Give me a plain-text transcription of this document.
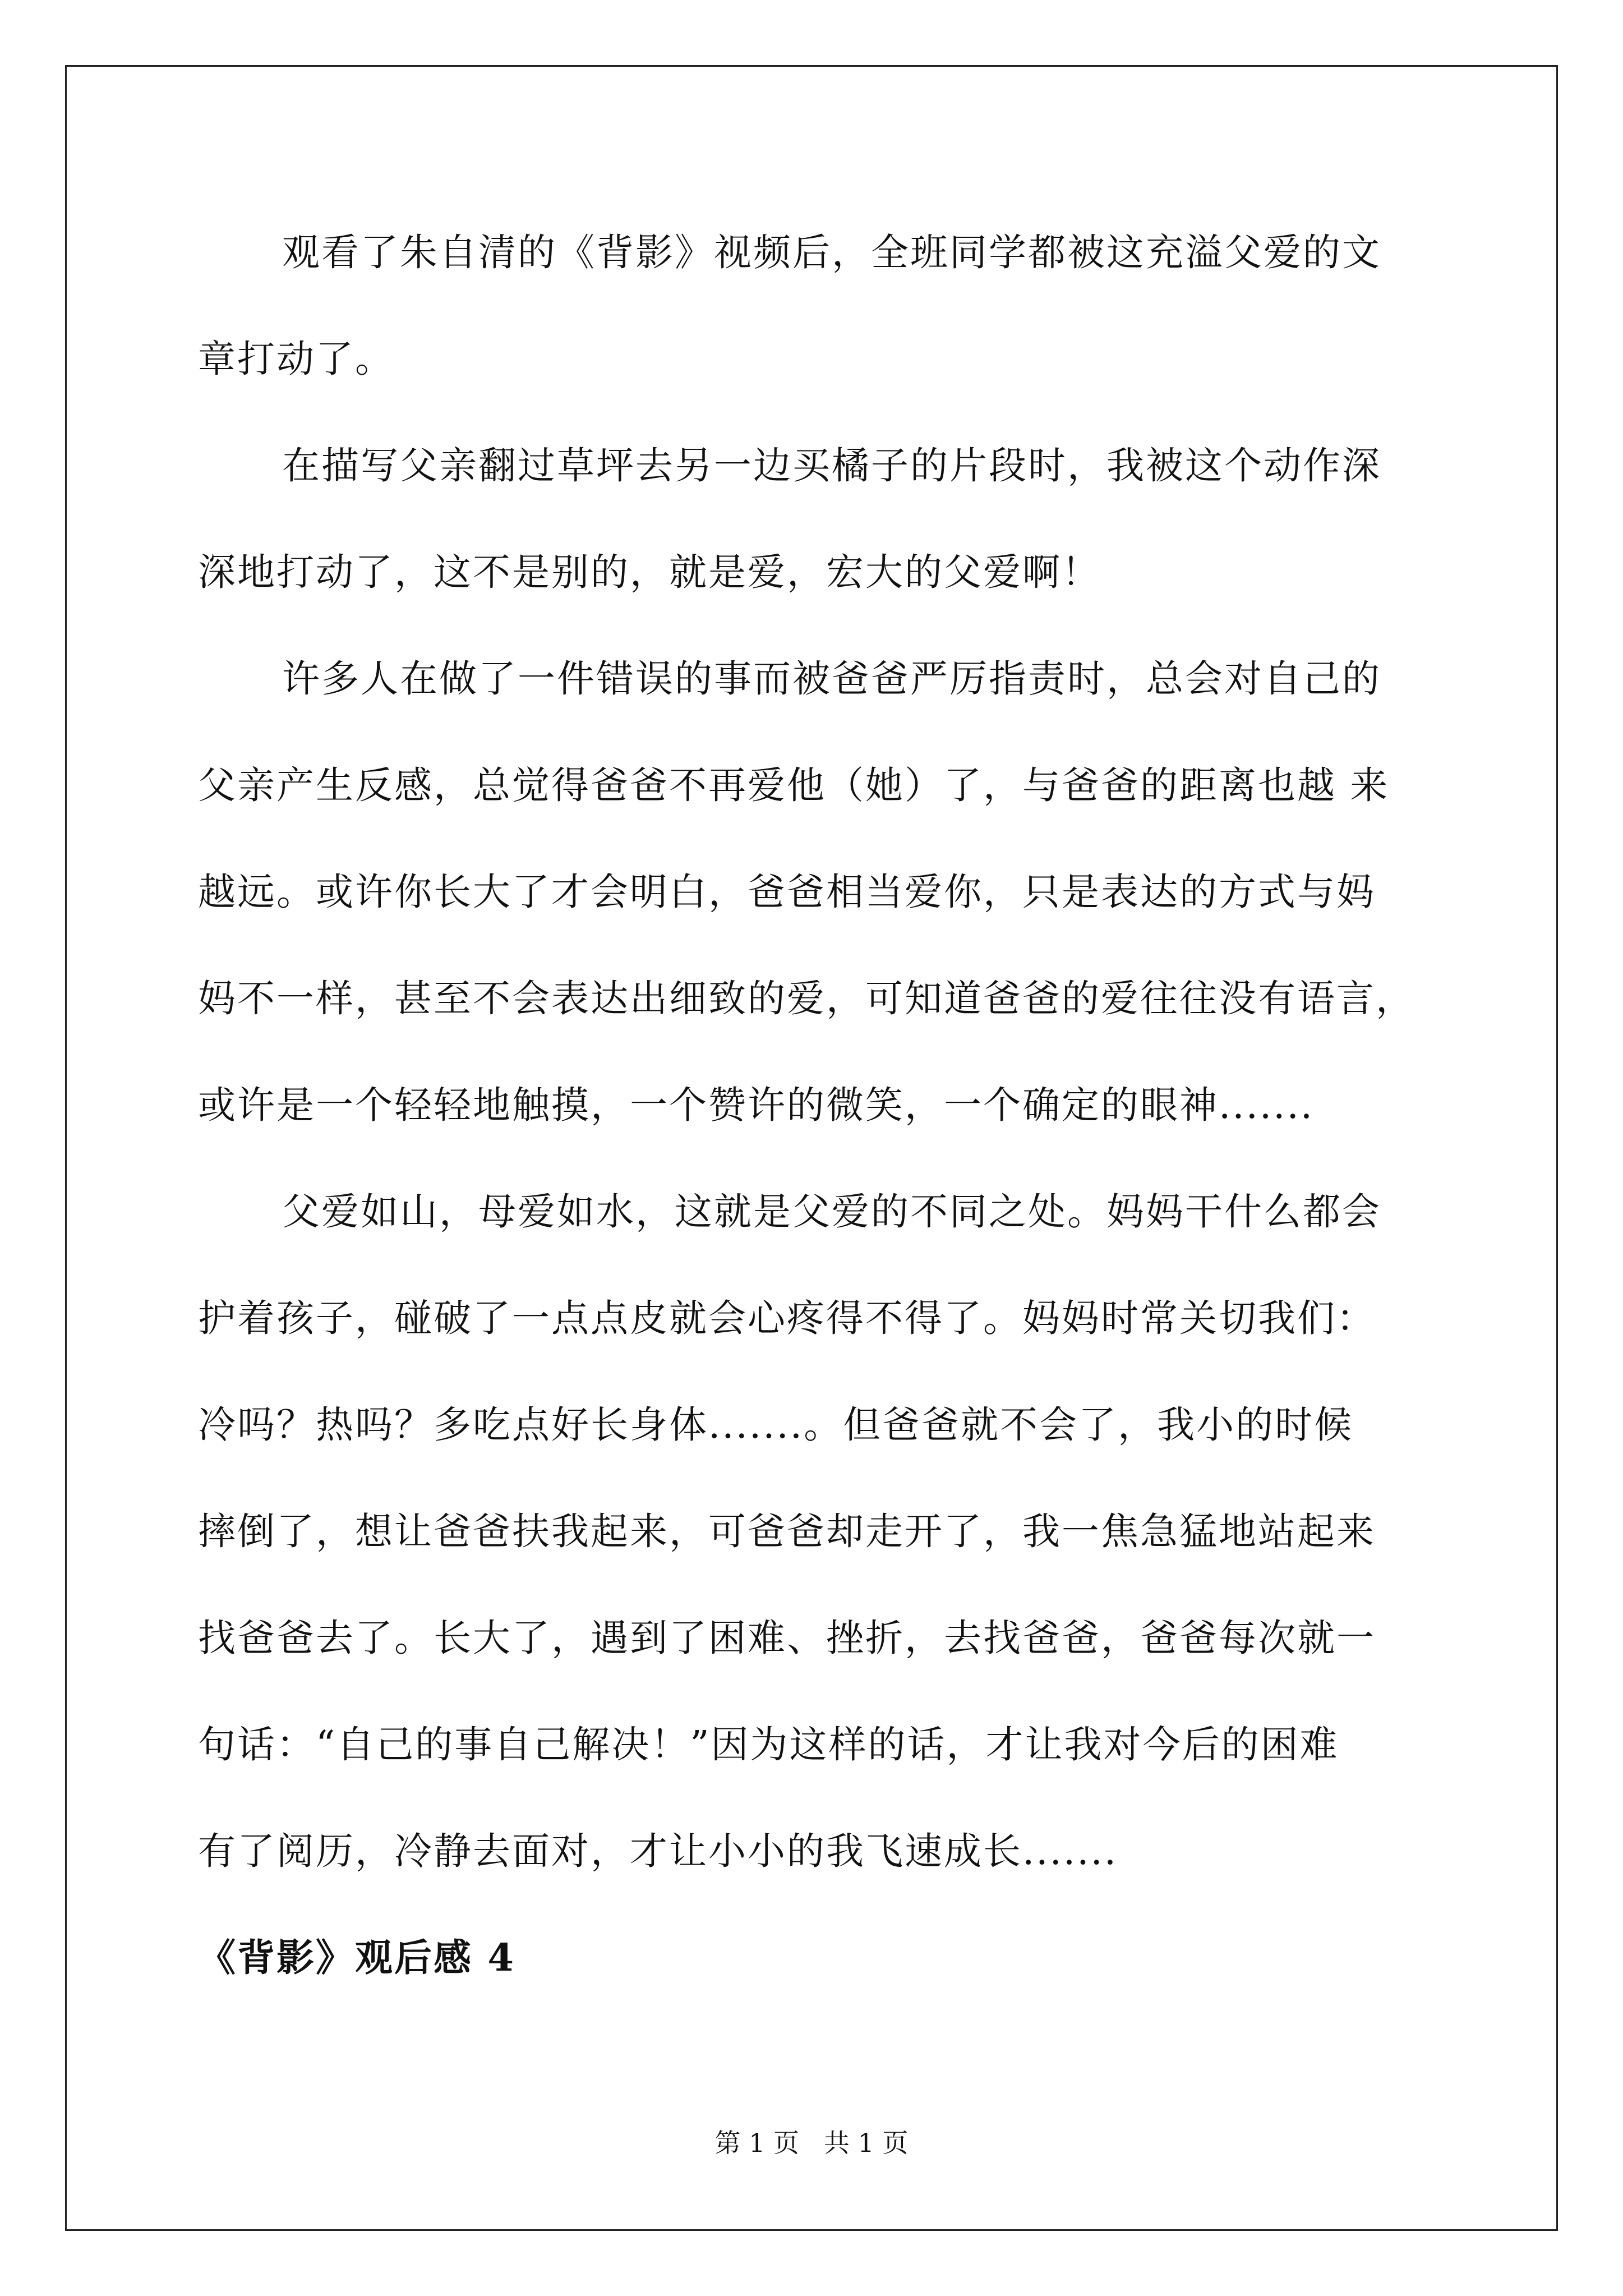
观看了朱自清的《背影》视频后，全班同学都被这充溢父爱的文
章打动了。

在描写父亲翻过草坪去另一边买橘子的片段时，我被这个动作深
深地打动了，这不是别的，就是爱，宏大的父爱啊！

许多人在做了一件错误的事而被爸爸严厉指责时，总会对自己的
父亲产生反感，总觉得爸爸不再爱他（她）了，与爸爸的距离也越 来
越远。或许你长大了才会明白，爸爸相当爱你，只是表达的方式与妈
妈不一样，甚至不会表达出细致的爱，可知道爸爸的爱往往没有语言，
或许是一个轻轻地触摸，一个赞许的微笑，一个确定的眼神.......

父爱如山，母爱如水，这就是父爱的不同之处。妈妈干什么都会
护着孩子，碰破了一点点皮就会心疼得不得了。妈妈时常关切我们：
冷吗？热吗？多吃点好长身体.......。但爸爸就不会了，我小的时候
摔倒了，想让爸爸扶我起来，可爸爸却走开了，我一焦急猛地站起来
找爸爸去了。长大了，遇到了困难、挫折，去找爸爸，爸爸每次就一
句话：“自己的事自己解决！”因为这样的话，才让我对今后的困难
有了阅历，冷静去面对，才让小小的我飞速成长.......

《背影》观后感 4
第 1 页   共 1 页
